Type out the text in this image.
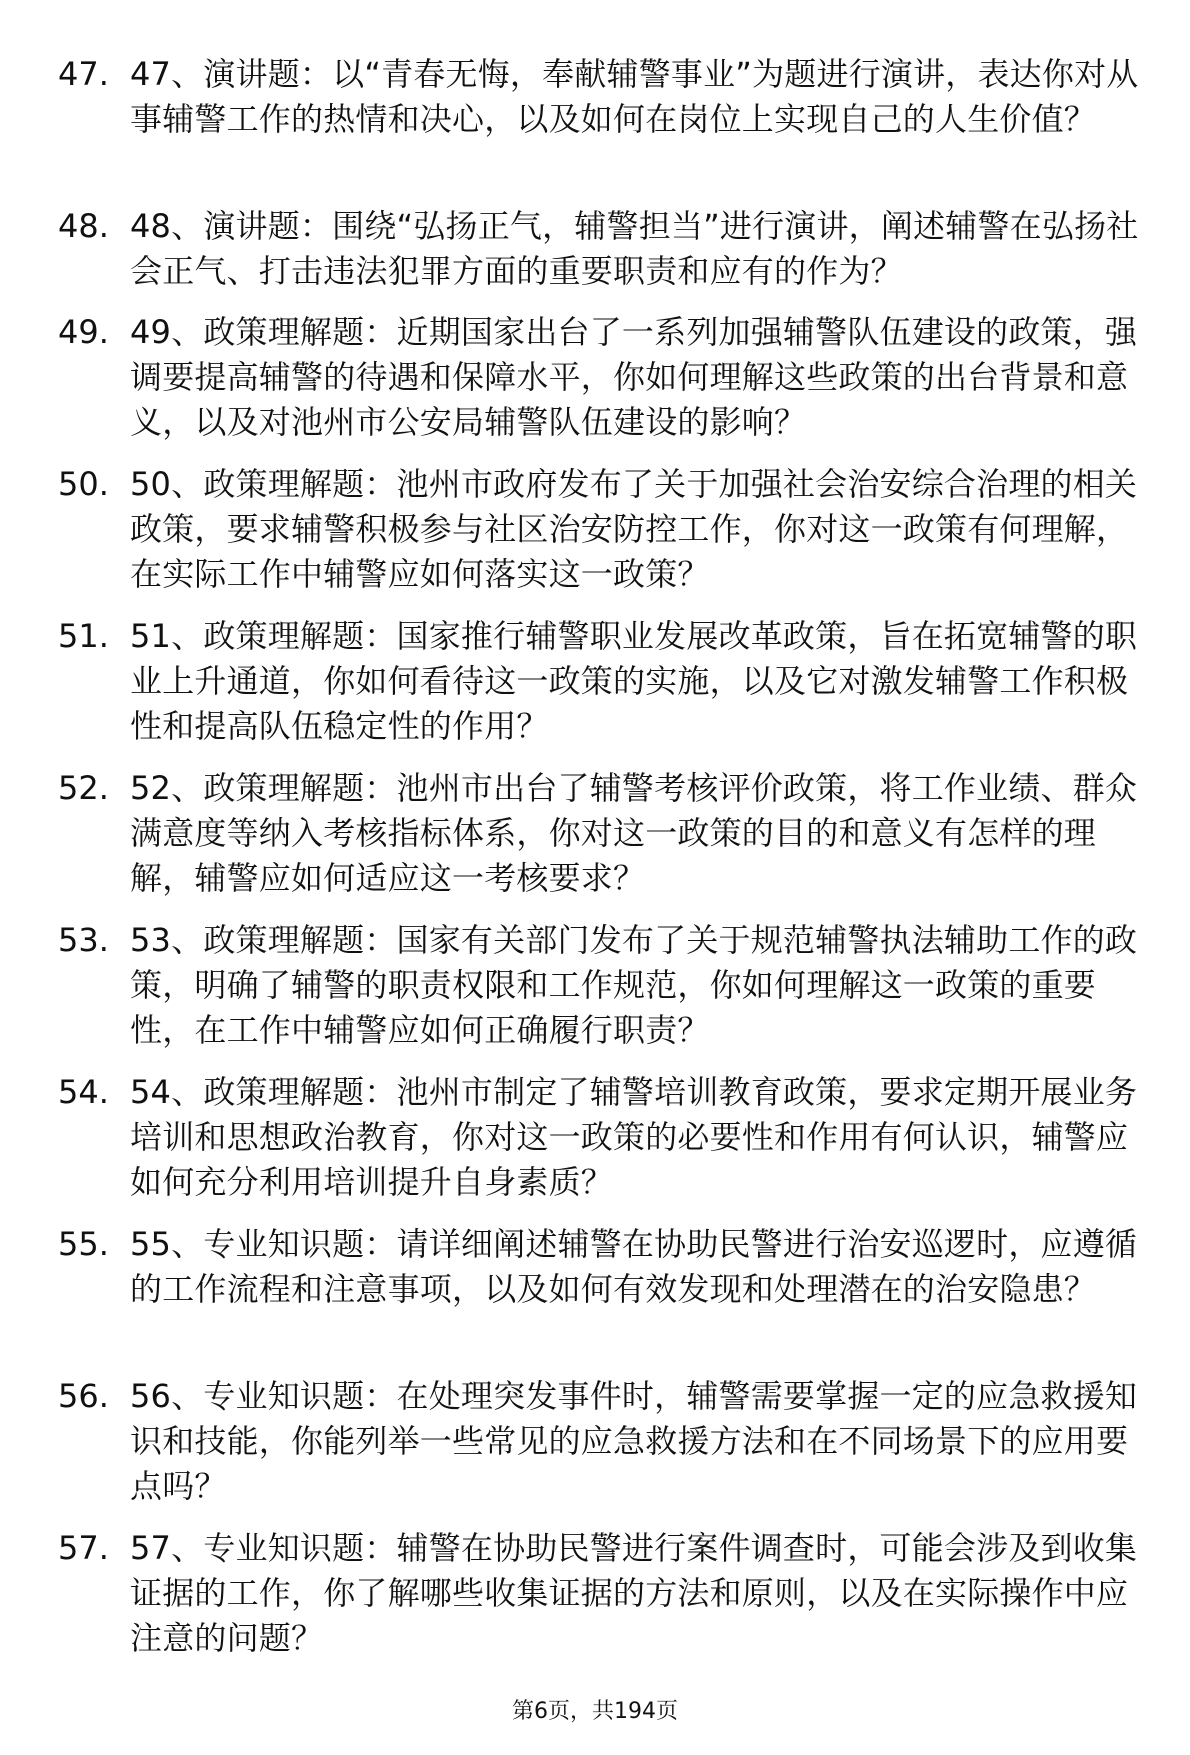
47. 47、演讲题：以“青春无悔，奉献辅警事业”为题进行演讲，表达你对从事辅警工作的热情和决心，以及如何在岗位上实现自己的人生价值？
48. 48、演讲题：围绕“弘扬正气，辅警担当”进行演讲，阐述辅警在弘扬社会正气、打击违法犯罪方面的重要职责和应有的作为？
49. 49、政策理解题：近期国家出台了一系列加强辅警队伍建设的政策，强调要提高辅警的待遇和保障水平，你如何理解这些政策的出台背景和意义，以及对池州市公安局辅警队伍建设的影响？
50. 50、政策理解题：池州市政府发布了关于加强社会治安综合治理的相关政策，要求辅警积极参与社区治安防控工作，你对这一政策有何理解，在实际工作中辅警应如何落实这一政策？
51. 51、政策理解题：国家推行辅警职业发展改革政策，旨在拓宽辅警的职业上升通道，你如何看待这一政策的实施，以及它对激发辅警工作积极性和提高队伍稳定性的作用？
52. 52、政策理解题：池州市出台了辅警考核评价政策，将工作业绩、群众满意度等纳入考核指标体系，你对这一政策的目的和意义有怎样的理解，辅警应如何适应这一考核要求？
53. 53、政策理解题：国家有关部门发布了关于规范辅警执法辅助工作的政策，明确了辅警的职责权限和工作规范，你如何理解这一政策的重要性，在工作中辅警应如何正确履行职责？
54. 54、政策理解题：池州市制定了辅警培训教育政策，要求定期开展业务培训和思想政治教育，你对这一政策的必要性和作用有何认识，辅警应如何充分利用培训提升自身素质？
55. 55、专业知识题：请详细阐述辅警在协助民警进行治安巡逻时，应遵循的工作流程和注意事项，以及如何有效发现和处理潜在的治安隐患？
56. 56、专业知识题：在处理突发事件时，辅警需要掌握一定的应急救援知识和技能，你能列举一些常见的应急救援方法和在不同场景下的应用要点吗？
57. 57、专业知识题：辅警在协助民警进行案件调查时，可能会涉及到收集证据的工作，你了解哪些收集证据的方法和原则，以及在实际操作中应注意的问题？
第6页，共194页
